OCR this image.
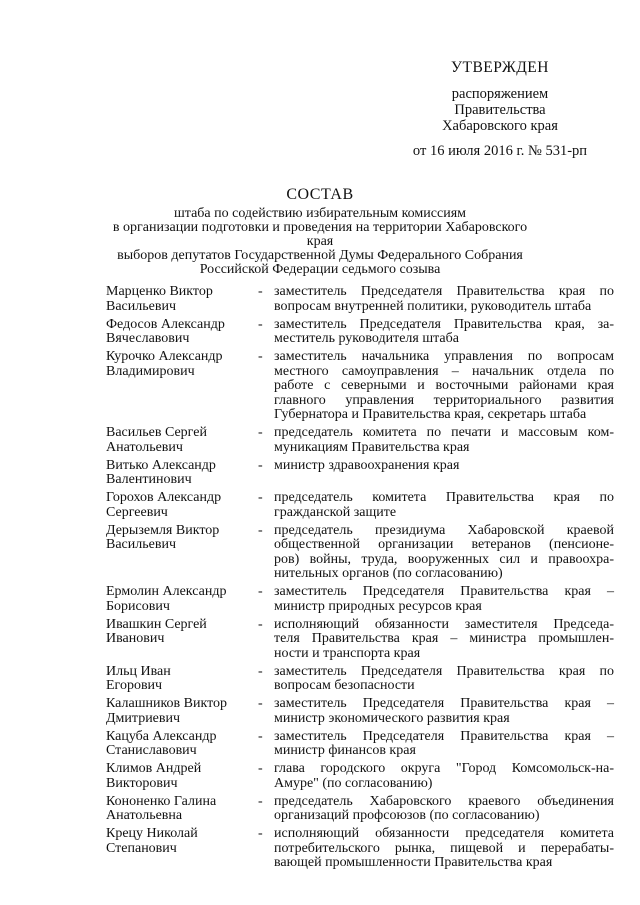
УТВЕРЖДЕН
распоряжением
Правительства
Хабаровского края
от 16 июля 2016 г. № 531-рп
СОСТАВ
штаба по содействию избирательным комиссиям
в организации подготовки и проведения на территории Хабаровского края
выборов депутатов Государственной Думы Федерального Собрания
Российской Федерации седьмого созыва
Марценко Виктор
Васильевич
- заместитель Председателя Правительства края по
вопросам внутренней политики, руководитель штаба
Федосов Александр
Вячеславович
- заместитель Председателя Правительства края, за-
меститель руководителя штаба
Курочко Александр
Владимирович
- заместитель начальника управления по вопросам
местного самоуправления – начальник отдела по
работе с северными и восточными районами края
главного управления территориального развития
Губернатора и Правительства края, секретарь штаба
Васильев Сергей
Анатольевич
- председатель комитета по печати и массовым ком-
муникациям Правительства края
Витько Александр
Валентинович
- министр здравоохранения края
Горохов Александр
Сергеевич
- председатель комитета Правительства края по
гражданской защите
Дерыземля Виктор
Васильевич
- председатель президиума Хабаровской краевой
общественной организации ветеранов (пенсионе-
ров) войны, труда, вооруженных сил и правоохра-
нительных органов (по согласованию)
Ермолин Александр
Борисович
- заместитель Председателя Правительства края –
министр природных ресурсов края
Ивашкин Сергей
Иванович
- исполняющий обязанности заместителя Председа-
теля Правительства края – министра промышлен-
ности и транспорта края
Ильц Иван
Егорович
- заместитель Председателя Правительства края по
вопросам безопасности
Калашников Виктор
Дмитриевич
- заместитель Председателя Правительства края –
министр экономического развития края
Кацуба Александр
Станиславович
- заместитель Председателя Правительства края –
министр финансов края
Климов Андрей
Викторович
- глава городского округа "Город Комсомольск-на-
Амуре" (по согласованию)
Кононенко Галина
Анатольевна
- председатель Хабаровского краевого объединения
организаций профсоюзов (по согласованию)
Крецу Николай
Степанович
- исполняющий обязанности председателя комитета
потребительского рынка, пищевой и перерабаты-
вающей промышленности Правительства края
